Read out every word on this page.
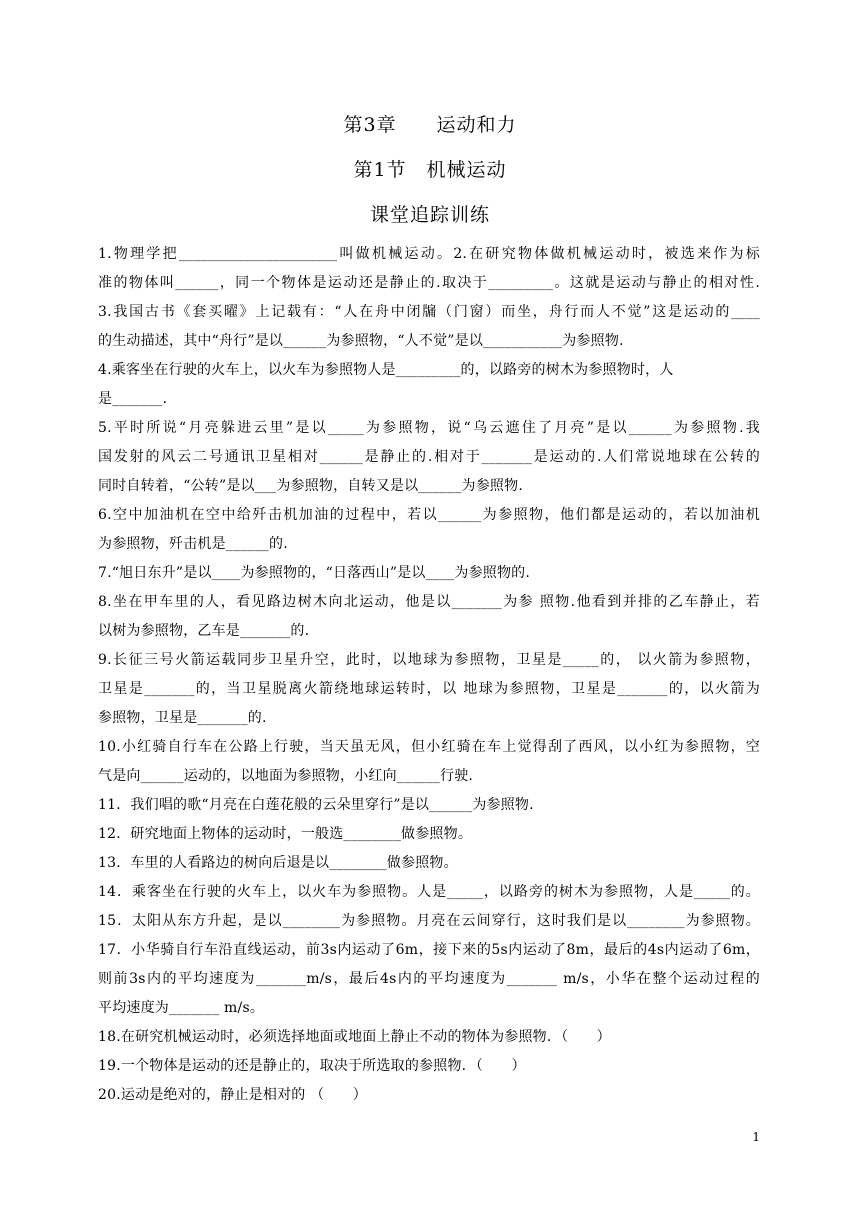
第3章　　运动和力
第1节　机械运动
课堂追踪训练
1.物理学把______________________叫做机械运动。2.在研究物体做机械运动时，被选来作为标
准的物体叫______，同一个物体是运动还是静止的.取决于_________。这就是运动与静止的相对性.
3.我国古书《套买曜》上记载有：“人在舟中闭牖（门窗）而坐，舟行而人不觉”这是运动的____
的生动描述，其中“舟行”是以______为参照物，“人不觉”是以___________为参照物.
4.乘客坐在行驶的火车上，以火车为参照物人是_________的，以路旁的树木为参照物时，人
是_______.
5.平时所说“月亮躲进云里”是以_____为参照物，说“乌云遮住了月亮”是以______为参照物.我
国发射的风云二号通讯卫星相对______是静止的.相对于_______是运动的.人们常说地球在公转的
同时自转着，“公转”是以___为参照物，自转又是以______为参照物.
6.空中加油机在空中给歼击机加油的过程中，若以______为参照物，他们都是运动的，若以加油机
为参照物，歼击机是______的.
7.“旭日东升”是以____为参照物的，“日落西山”是以____为参照物的.
8.坐在甲车里的人，看见路边树木向北运动，他是以_______为参 照物.他看到并排的乙车静止，若
以树为参照物，乙车是_______的.
9.长征三号火箭运载同步卫星升空，此时，以地球为参照物，卫星是_____的， 以火箭为参照物，
卫星是_______的，当卫星脱离火箭绕地球运转时，以 地球为参照物，卫星是_______的，以火箭为
参照物，卫星是_______的.
10.小红骑自行车在公路上行驶，当天虽无风，但小红骑在车上觉得刮了西风，以小红为参照物，空
气是向______运动的，以地面为参照物，小红向______行驶.
11．我们唱的歌“月亮在白莲花般的云朵里穿行”是以______为参照物.
12．研究地面上物体的运动时，一般选________做参照物。
13．车里的人看路边的树向后退是以________做参照物。
14．乘客坐在行驶的火车上，以火车为参照物。人是_____，以路旁的树木为参照物，人是_____的。
15．太阳从东方升起，是以________为参照物。月亮在云间穿行，这时我们是以________为参照物。
17．小华骑自行车沿直线运动，前3s内运动了6m，接下来的5s内运动了8m，最后的4s内运动了6m，
则前3s内的平均速度为_______m/s，最后4s内的平均速度为_______ m/s，小华在整个运动过程的
平均速度为_______ m/s。
18.在研究机械运动时，必须选择地面或地面上静止不动的物体为参照物．（　　）
19.一个物体是运动的还是静止的，取决于所选取的参照物．（　　）
20.运动是绝对的，静止是相对的 （　　）
1
